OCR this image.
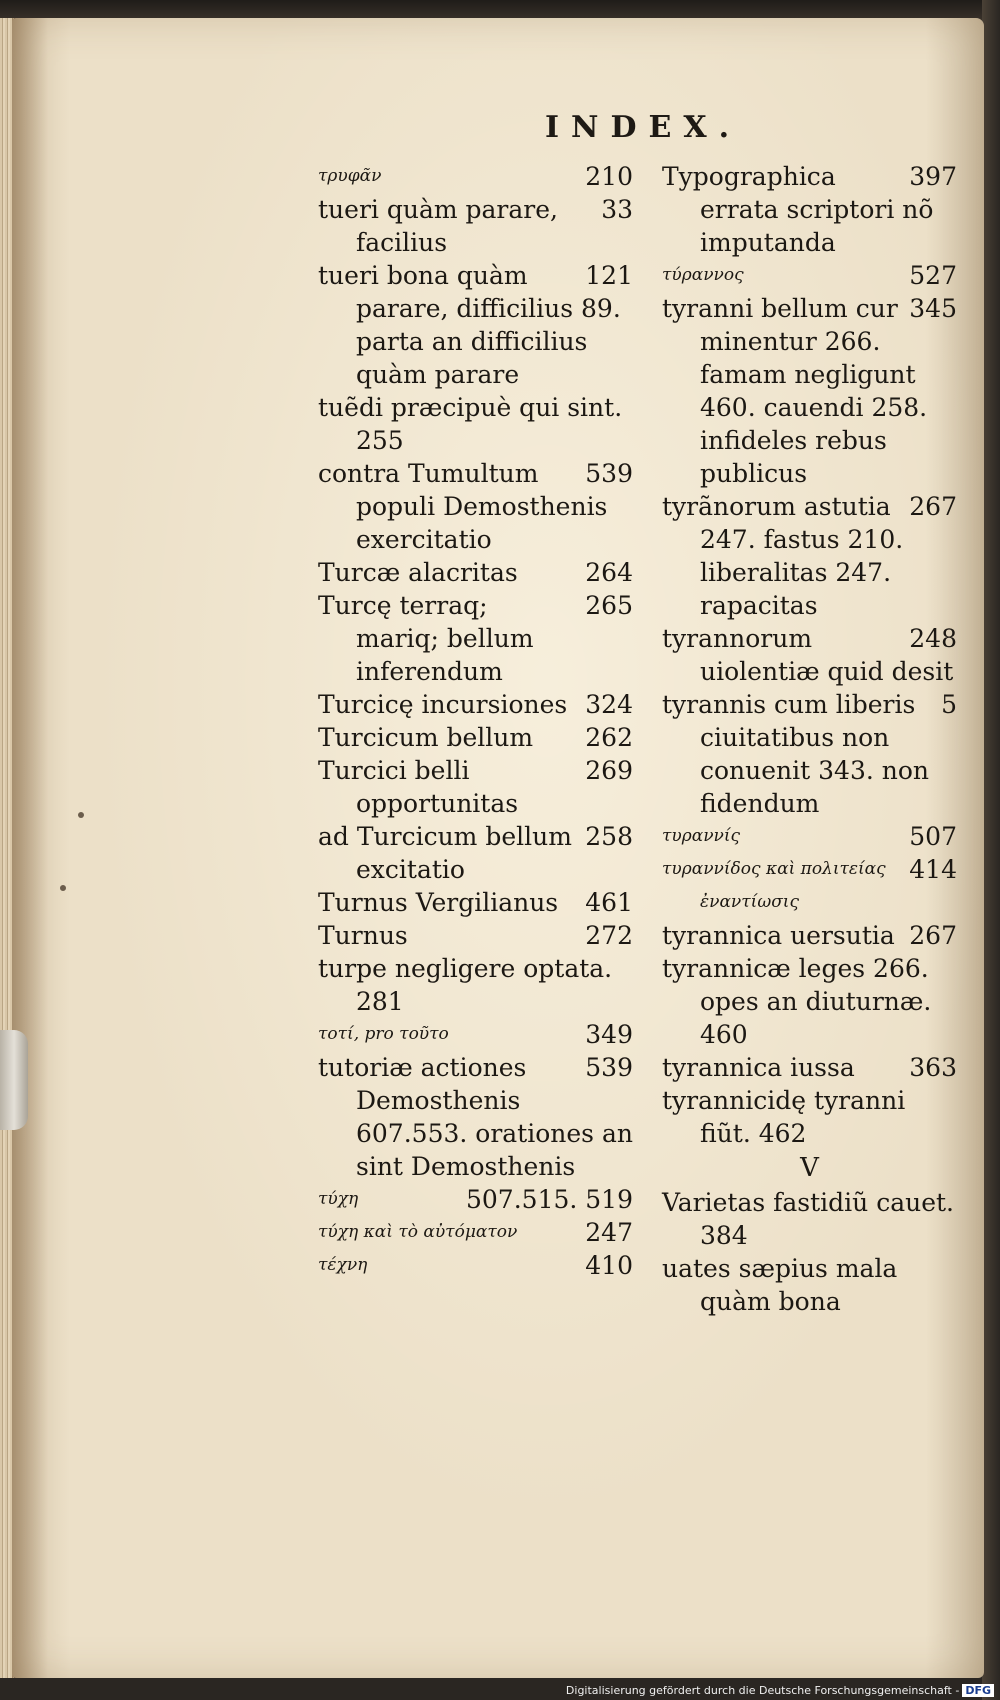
INDEX.
210
τρυφᾶν
33
tueri quàm parare, facilius
121
tueri bona quàm parare, difficilius 89. parta an difficilius quàm parare
tuẽdi præcipuè qui sint. 255
539
contra Tumultum populi Demosthenis exercitatio
264
Turcæ alacritas
265
Turcę terraq; mariq; bellum inferendum
324
Turcicę incursiones
262
Turcicum bellum
269
Turcici belli opportunitas
258
ad Turcicum bellum excitatio
461
Turnus Vergilianus
272
Turnus
turpe negligere optata. 281
349
τοτί, pro τοῦτο
539
tutoriæ actiones Demosthenis 607.553. orationes an sint Demosthenis
507.515. 519
τύχη
247
τύχη καὶ τὸ αὐτόματον
410
τέχνη
397
Typographica errata scriptori nõ imputanda
527
τύραννος
345
tyranni bellum cur minentur 266. famam negligunt 460. cauendi 258. infideles rebus publicus
267
tyrãnorum astutia 247. fastus 210. liberalitas 247. rapacitas
248
tyrannorum uiolentiæ quid desit
5
tyrannis cum liberis ciuitatibus non conuenit 343. non fidendum
507
τυραννίς
414
τυραννίδος καὶ πολιτείας ἐναντίωσις
267
tyrannica uersutia
tyrannicæ leges 266. opes an diuturnæ. 460
363
tyrannica iussa
tyrannicidę tyranni fiũt. 462
V
Varietas fastidiũ cauet. 384
uates sæpius mala quàm bona
Digitalisierung gefördert durch die Deutsche Forschungsgemeinschaft - DFG
